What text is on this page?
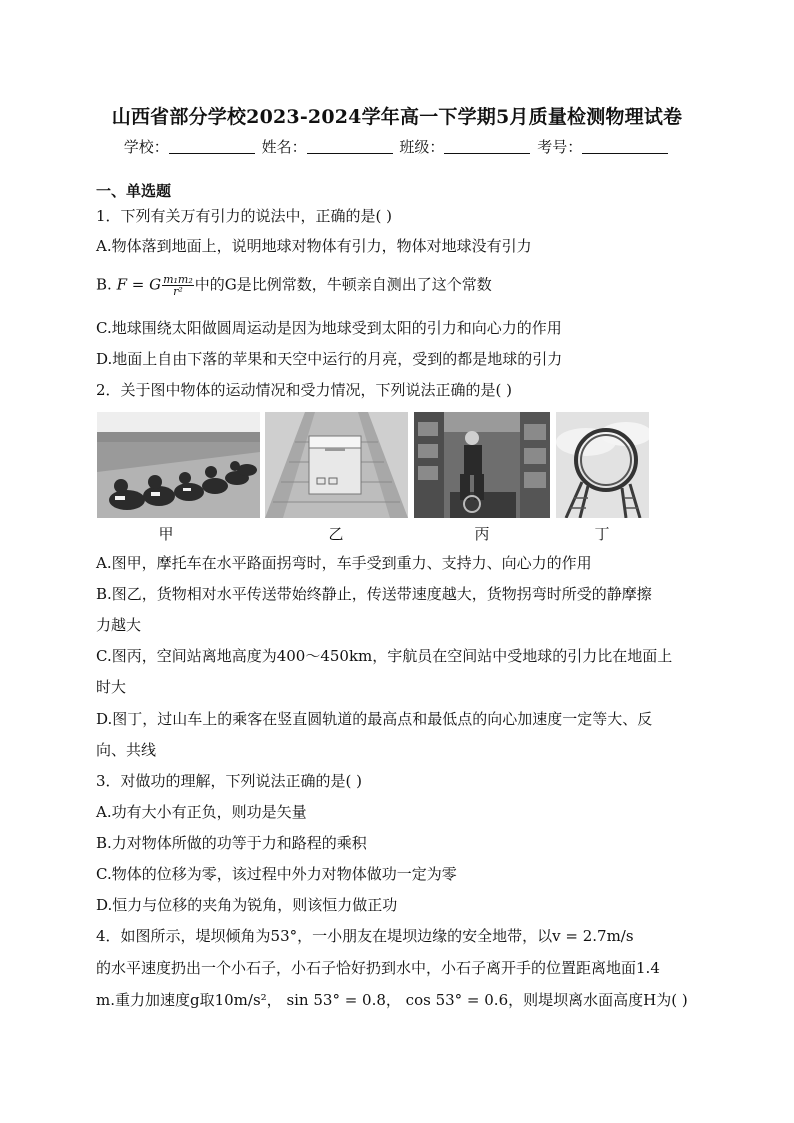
山西省部分学校2023-2024学年高一下学期5月质量检测物理试卷
学校：	姓名：	班级：	考号：
一、单选题
1．下列有关万有引力的说法中，正确的是( )
A.物体落到地面上，说明地球对物体有引力，物体对地球没有引力
B. F = G $\frac{\text{m₁m₂}}{\text{r²}}$ 中的G是比例常数，牛顿亲自测出了这个常数
C.地球围绕太阳做圆周运动是因为地球受到太阳的引力和向心力的作用
D.地面上自由下落的苹果和天空中运行的月亮，受到的都是地球的引力
2．关于图中物体的运动情况和受力情况，下列说法正确的是( )
甲	乙	丙	丁
A.图甲，摩托车在水平路面拐弯时，车手受到重力、支持力、向心力的作用
B.图乙，货物相对水平传送带始终静止，传送带速度越大，货物拐弯时所受的静摩擦
力越大
C.图丙，空间站离地高度为400～450km，宇航员在空间站中受地球的引力比在地面上
时大
D.图丁，过山车上的乘客在竖直圆轨道的最高点和最低点的向心加速度一定等大、反
向、共线
3．对做功的理解，下列说法正确的是( )
A.功有大小有正负，则功是矢量
B.力对物体所做的功等于力和路程的乘积
C.物体的位移为零，该过程中外力对物体做功一定为零
D.恒力与位移的夹角为锐角，则该恒力做正功
4．如图所示，堤坝倾角为53°，一小朋友在堤坝边缘的安全地带，以v = 2.7m/s
的水平速度扔出一个小石子，小石子恰好扔到水中，小石子离开手的位置距离地面1.4
m.重力加速度g取10m/s²， sin 53° = 0.8， cos 53° = 0.6，则堤坝离水面高度H为( )
